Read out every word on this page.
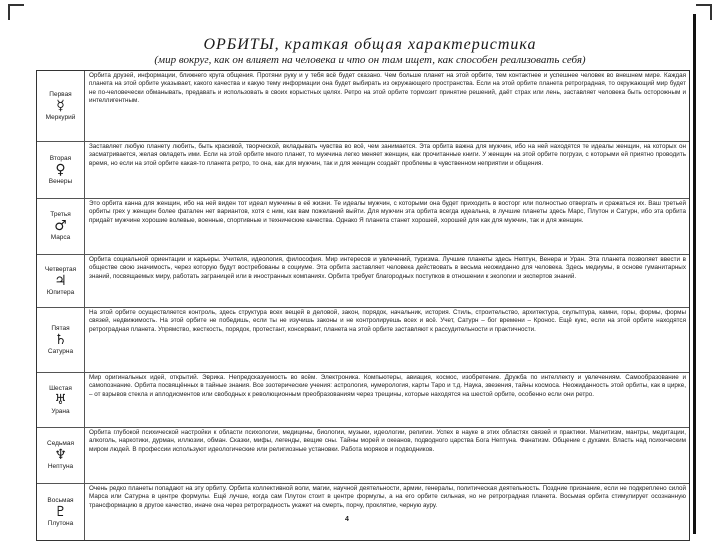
ОРБИТЫ, краткая общая характеристика
(мир вокруг, как он влияет на человека и что он там ищет, как способен реализовать себя)
Первая
☿
Меркурий
Орбита друзей, информации, ближнего круга общения. Протяни руку и у тебя всё будет сказано. Чем больше планет на этой орбите, тем контактнее и успешнее человек во внешнем мире. Каждая планета на этой орбите указывает, какого качества и какую тему информации она будет выбирать из окружающего пространства. Если на этой орбите планета ретроградная, то окружающий мир будет не по-человечески обманывать, предавать и использовать в своих корыстных целях. Ретро на этой орбите тормозит принятие решений, даёт страх или лень, заставляет человека быть осторожным и интеллигентным.
Вторая
♀
Венеры
Заставляет любую планету любить, быть красивой, творческой, вкладывать чувства во всё, чем занимается. Эта орбита важна для мужчин, ибо на ней находятся те идеалы женщин, на которых он засматривается, желая овладеть ими. Если на этой орбите много планет, то мужчина легко меняет женщин, как прочитанные книги. У женщин на этой орбите погрузи, с которыми ей приятно проводить время, но если на этой орбите какая-то планета ретро, то она, как для мужчин, так и для женщин создаёт проблемы в чувственном неприятии и общения.
Третья
♂
Марса
Это орбита канна для женщин, ибо на ней виден тот идеал мужчины в её жизни. Те идеалы мужчин, с которыми она будет приходить в восторг или полностью отвергать и сражаться их. Ваш третьей орбиты грех у женщин более фатален нет вариантов, хотя с ним, как вам пожеланий выйти. Для мужчин эта орбита всегда идеальна, в лучшие планеты здесь Марс, Плутон и Сатурн, ибо эта орбита придаёт мужчине хорошие волевые, военные, спортивные и технические качества. Однако Я планета станет хорошей, хорошей для как для мужчин, так и для женщин.
Четвертая
♃
Юпитера
Орбита социальной ориентации и карьеры. Учителя, идеология, философия. Мир интересов и увлечений, туризма. Лучшие планеты здесь Нептун, Венера и Уран. Эта планета позволяет ввести в обществе свою значимость, через которую будут востребованы в социуме. Эта орбита заставляет человека действовать в весьма неожиданно для человека. Здесь медиумы, в основе гуманитарных знаний, посвящаемых миру, работать заграницей или в иностранных компаниях. Орбита требует благородных поступков в отношении к экологии и экспертов знаний.
Пятая
♄
Сатурна
На этой орбите осуществляется контроль, здесь структура всех вещей в деловой, закон, порядок, начальник, история. Стиль, строительство, архитектура, скульптура, камни, горы, формы, формы связей, недвижимость. На этой орбите не победишь, если ты не изучишь законы и не контролируешь всех и всё. Учет, Сатурн – бог времени – Кронос. Ещё кукс, если на этой орбите находятся ретроградная планета. Упрямство, жесткость, порядок, протестант, консервант, планета на этой орбите заставляют к рассудительности и практичности.
Шестая
♅
Урана
Мир оригинальных идей, открытий. Эврика. Непредсказуемость во всём. Электроника. Компьютеры, авиация, космос, изобретение. Дружба по интеллекту и увлечениям. Самообразование и самопознание. Орбита посвящённых в тайные знания. Все эзотерические учения: астрология, нумерология, карты Таро и т.д. Наука, звезения, тайны космоса. Неожиданность этой орбиты, как в цирке, – от взрывов стекла и аплодисментов или свободных к революционным преобразованиям через трещины, которые находятся на шестой орбите, особенно если они ретро.
Седьмая
♆
Нептуна
Орбита глубокой психической настройки к области психологии, медицины, биологии, музыки, идеологии, религии. Успех в науке в этих областях связей и практики. Магнитизм, мантры, медитации, алкоголь, наркотики, дурман, иллюзии, обман. Сказки, мифы, легенды, вещие сны. Тайны морей и океанов, подводного царства Бога Нептуна. Фанатизм. Общение с духами. Власть над психическим миром людей. В профессии используют идеологические или религиозные установки. Работа моряков и подводников.
Восьмая
♇
Плутона
Очень редко планеты попадают на эту орбиту. Орбита коллективной воли, магии, научной деятельности, армии, генералы, политическая деятельность. Поздние признание, если не подкреплено силой Марса или Сатурна в центре формулы. Ещё лучше, когда сам Плутон стоит в центре формулы, а на его орбите сильная, но не ретроградная планета. Восьмая орбита стимулирует осознанную трансформацию в другое качество, иначе она через ретроградность укажет на смерть, порчу, проклятие, черную ауру.
4
